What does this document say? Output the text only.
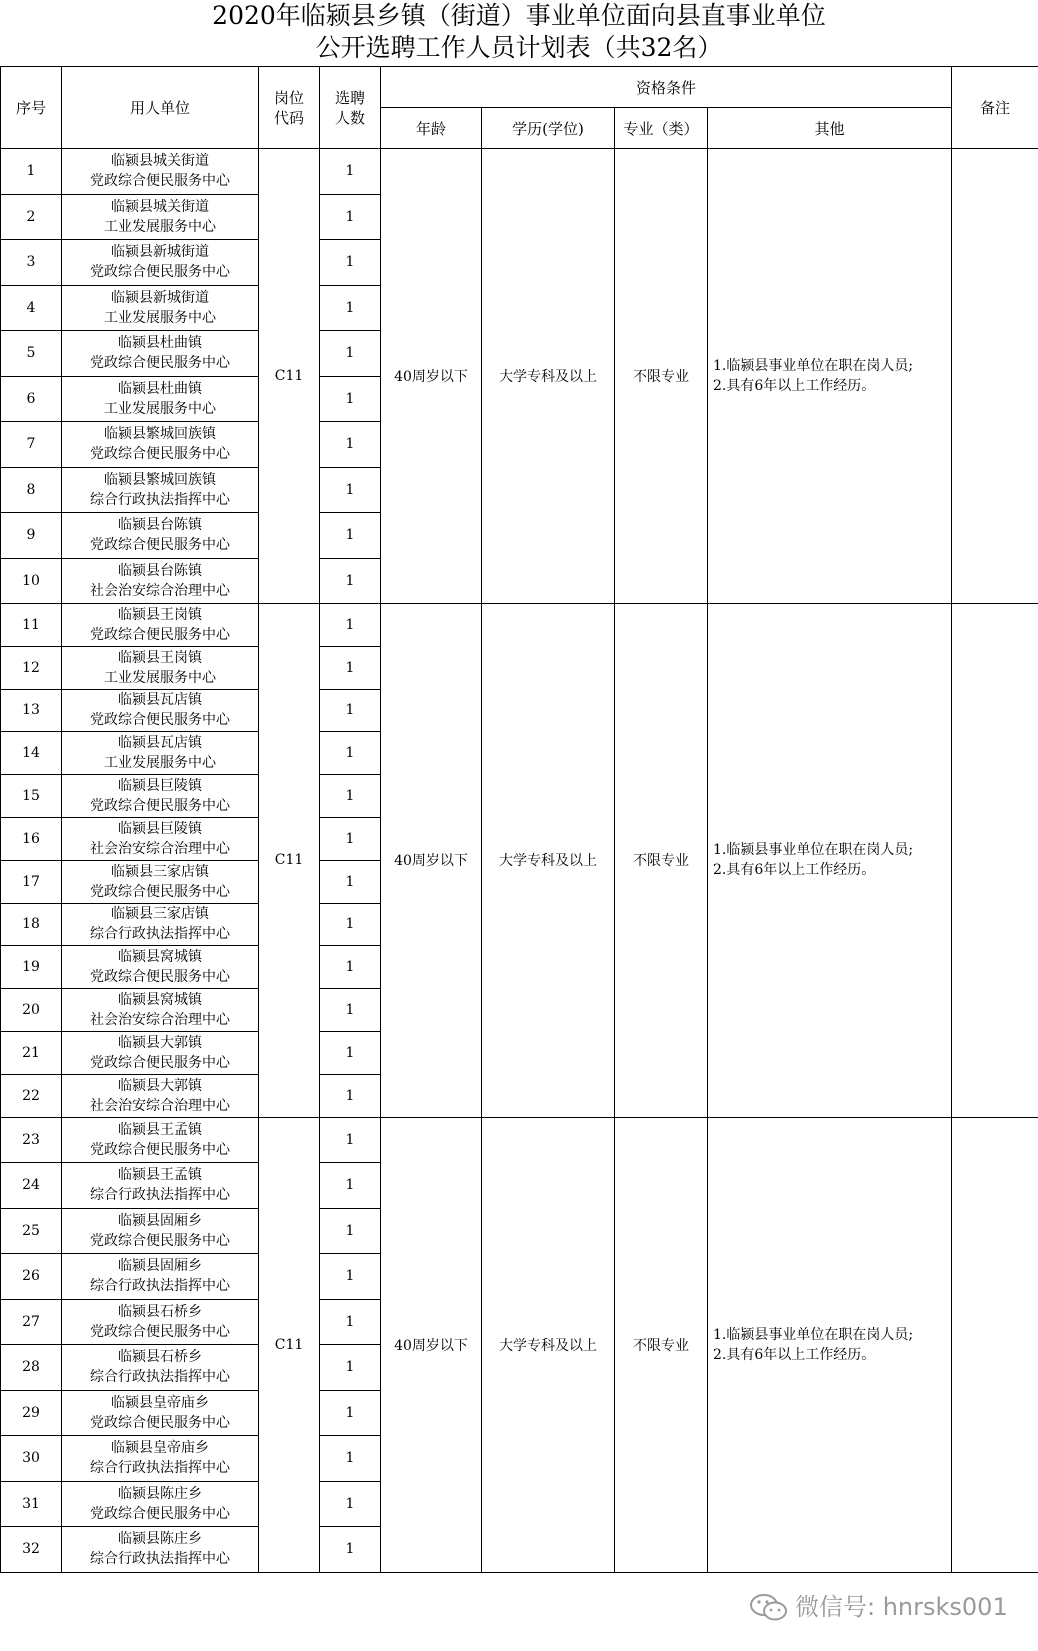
2020年临颍县乡镇（街道）事业单位面向县直事业单位
公开选聘工作人员计划表（共32名）
序号	用人单位	岗位代码	选聘人数	资格条件				备注
				年龄	学历(学位)	专业（类）	其他	
1	临颍县城关街道
党政综合便民服务中心	C11	1	40周岁以下	大学专科及以上	不限专业	1.临颍县事业单位在职在岗人员;
2.具有6年以上工作经历。	

2	临颍县城关街道
工业发展服务中心		1					
3	临颍县新城街道
党政综合便民服务中心		1					
4	临颍县新城街道
工业发展服务中心		1					
5	临颍县杜曲镇
党政综合便民服务中心		1					
6	临颍县杜曲镇
工业发展服务中心		1					
7	临颍县繁城回族镇
党政综合便民服务中心		1					
8	临颍县繁城回族镇
综合行政执法指挥中心		1					
9	临颍县台陈镇
党政综合便民服务中心		1					
10	临颍县台陈镇
社会治安综合治理中心		1					
11	临颍县王岗镇
党政综合便民服务中心	C11	1	40周岁以下	大学专科及以上	不限专业	1.临颍县事业单位在职在岗人员;
2.具有6年以上工作经历。	

12	临颍县王岗镇
工业发展服务中心		1					
13	临颍县瓦店镇
党政综合便民服务中心		1					
14	临颍县瓦店镇
工业发展服务中心		1					
15	临颍县巨陵镇
党政综合便民服务中心		1					
16	临颍县巨陵镇
社会治安综合治理中心		1					
17	临颍县三家店镇
党政综合便民服务中心		1					
18	临颍县三家店镇
综合行政执法指挥中心		1					
19	临颍县窝城镇
党政综合便民服务中心		1					
20	临颍县窝城镇
社会治安综合治理中心		1					
21	临颍县大郭镇
党政综合便民服务中心		1					
22	临颍县大郭镇
社会治安综合治理中心		1					
23	临颍县王孟镇
党政综合便民服务中心	C11	1	40周岁以下	大学专科及以上	不限专业	1.临颍县事业单位在职在岗人员;
2.具有6年以上工作经历。	

24	临颍县王孟镇
综合行政执法指挥中心		1					
25	临颍县固厢乡
党政综合便民服务中心		1					
26	临颍县固厢乡
综合行政执法指挥中心		1					
27	临颍县石桥乡
党政综合便民服务中心		1					
28	临颍县石桥乡
综合行政执法指挥中心		1					
29	临颍县皇帝庙乡
党政综合便民服务中心		1					
30	临颍县皇帝庙乡
综合行政执法指挥中心		1					
31	临颍县陈庄乡
党政综合便民服务中心		1					
32	临颍县陈庄乡
综合行政执法指挥中心		1					
微信号: hnrsks001
